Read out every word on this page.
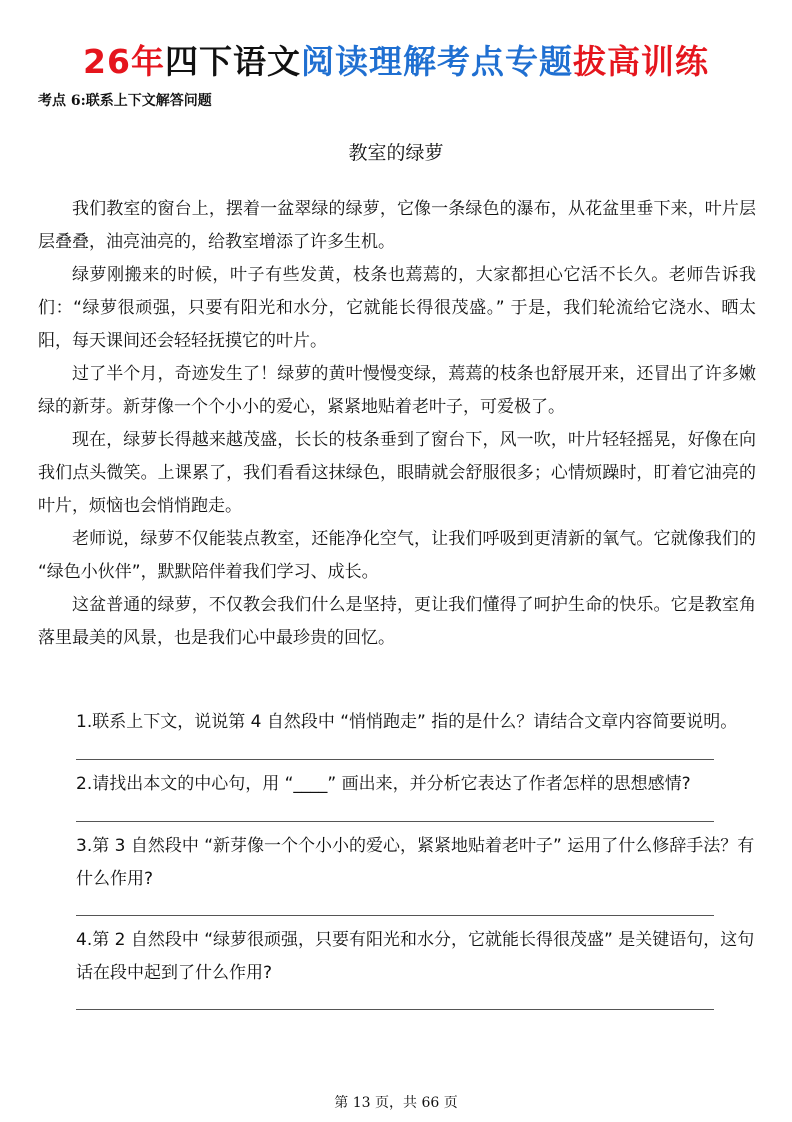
26年四下语文阅读理解考点专题拔高训练
考点 6:联系上下文解答问题
教室的绿萝

我们教室的窗台上，摆着一盆翠绿的绿萝，它像一条绿色的瀑布，从花盆里垂下来，叶片层层叠叠，油亮油亮的，给教室增添了许多生机。

绿萝刚搬来的时候，叶子有些发黄，枝条也蔫蔫的，大家都担心它活不长久。老师告诉我们：“绿萝很顽强，只要有阳光和水分，它就能长得很茂盛。” 于是，我们轮流给它浇水、晒太阳，每天课间还会轻轻抚摸它的叶片。

过了半个月，奇迹发生了！绿萝的黄叶慢慢变绿，蔫蔫的枝条也舒展开来，还冒出了许多嫩绿的新芽。新芽像一个个小小的爱心，紧紧地贴着老叶子，可爱极了。

现在，绿萝长得越来越茂盛，长长的枝条垂到了窗台下，风一吹，叶片轻轻摇晃，好像在向我们点头微笑。上课累了，我们看看这抹绿色，眼睛就会舒服很多；心情烦躁时，盯着它油亮的叶片，烦恼也会悄悄跑走。

老师说，绿萝不仅能装点教室，还能净化空气，让我们呼吸到更清新的氧气。它就像我们的 “绿色小伙伴”，默默陪伴着我们学习、成长。

这盆普通的绿萝，不仅教会我们什么是坚持，更让我们懂得了呵护生命的快乐。它是教室角落里最美的风景，也是我们心中最珍贵的回忆。

1.联系上下文，说说第 4 自然段中 “悄悄跑走” 指的是什么？请结合文章内容简要说明。

2.请找出本文的中心句，用 “____” 画出来，并分析它表达了作者怎样的思想感情?

3.第 3 自然段中 “新芽像一个个小小的爱心，紧紧地贴着老叶子” 运用了什么修辞手法？有什么作用?

4.第 2 自然段中 “绿萝很顽强，只要有阳光和水分，它就能长得很茂盛” 是关键语句，这句话在段中起到了什么作用?

第 13 页，共 66 页
